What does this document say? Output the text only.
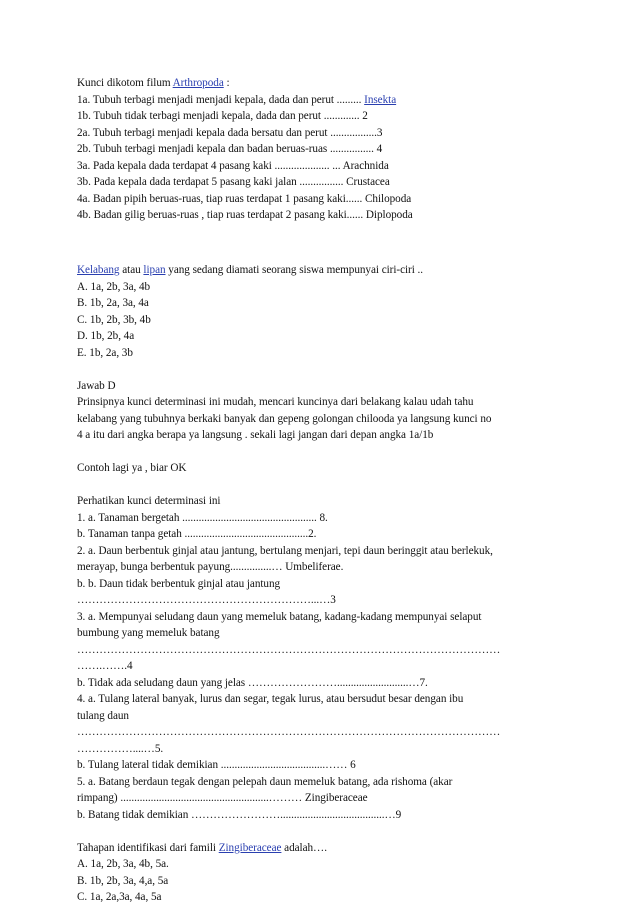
Kunci dikotom filum Arthropoda :
1a. Tubuh terbagi menjadi menjadi kepala, dada dan perut ......... Insekta
1b. Tubuh tidak terbagi menjadi kepala, dada dan perut ............. 2
2a. Tubuh terbagi menjadi kepala dada bersatu dan perut .................3
2b. Tubuh terbagi menjadi kepala dan badan beruas-ruas ................ 4
3a. Pada kepala dada terdapat 4 pasang kaki .................... ... Arachnida
3b. Pada kepala dada terdapat 5 pasang kaki jalan ................ Crustacea
4a. Badan pipih beruas-ruas, tiap ruas terdapat 1 pasang kaki...... Chilopoda
4b. Badan gilig beruas-ruas , tiap ruas terdapat 2 pasang kaki...... Diplopoda
Kelabang atau lipan yang sedang diamati seorang siswa mempunyai ciri-ciri ..
A. 1a, 2b, 3a, 4b
B. 1b, 2a, 3a, 4a
C. 1b, 2b, 3b, 4b
D. 1b, 2b, 4a
E. 1b, 2a, 3b
Jawab D
Prinsipnya kunci determinasi ini mudah, mencari kuncinya dari belakang kalau udah tahu
kelabang yang tubuhnya berkaki banyak dan gepeng golongan chilooda ya langsung kunci no
4 a itu dari angka berapa ya langsung . sekali lagi jangan dari depan angka 1a/1b
Contoh lagi ya , biar OK
Perhatikan kunci determinasi ini
1. a. Tanaman bergetah ................................................. 8.
b. Tanaman tanpa getah .............................................2.
2. a. Daun berbentuk ginjal atau jantung, bertulang menjari, tepi daun beringgit atau berlekuk,
merayap, bunga berbentuk payung...............… Umbeliferae.
b. b. Daun tidak berbentuk ginjal atau jantung
………………………………………………………...…3
3. a. Mempunyai seludang daun yang memeluk batang, kadang-kadang mempunyai selaput
bumbung yang memeluk batang
……………………………………………………………………………………………………
…….…….4
b. Tidak ada seludang daun yang jelas ……………………..........................…7.
4. a. Tulang lateral banyak, lurus dan segar, tegak lurus, atau bersudut besar dengan ibu
tulang daun
……………………………………………………………………………………………………
……………....…5.
b. Tulang lateral tidak demikian ......................................…… 6
5. a. Batang berdaun tegak dengan pelepah daun memeluk batang, ada rishoma (akar
rimpang) ......................................................……… Zingiberaceae
b. Batang tidak demikian ……………………......................................…9
Tahapan identifikasi dari famili Zingiberaceae adalah….
A. 1a, 2b, 3a, 4b, 5a.
B. 1b, 2b, 3a, 4,a, 5a
C. 1a, 2a,3a, 4a, 5a
